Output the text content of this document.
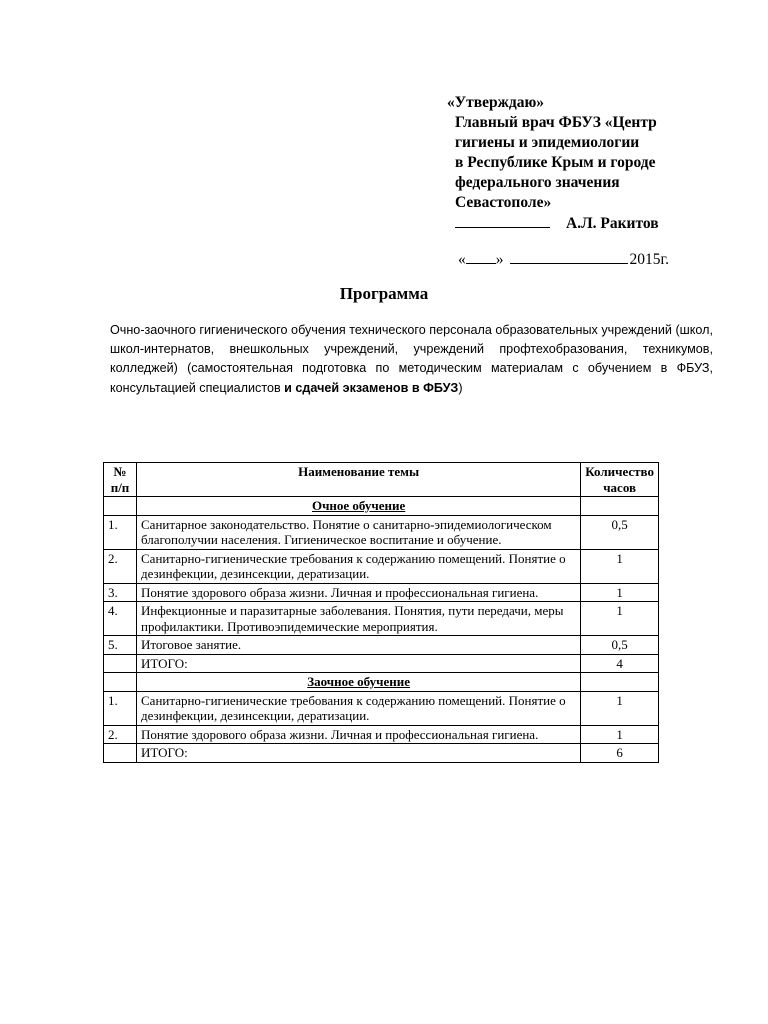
«Утверждаю»
Главный врач ФБУЗ «Центр
гигиены и эпидемиологии
в Республике Крым и городе
федерального значения
Севастополе»
А.Л. Ракитов
« »	2015г.
Программа
Очно-заочного гигиенического обучения технического персонала образовательных учреждений (школ, школ-интернатов, внешкольных учреждений, учреждений профтехобразования, техникумов, колледжей) (самостоятельная подготовка по методическим материалам с обучением в ФБУЗ, консультацией специалистов и сдачей экзаменов в ФБУЗ)
№ п/п	Наименование темы	Количество часов
	Очное обучение	
1.	Санитарное законодательство. Понятие о санитарно-эпидемиологическом благополучии населения. Гигиеническое воспитание и обучение.	0,5
2.	Санитарно-гигиенические требования к содержанию помещений. Понятие о дезинфекции, дезинсекции, дератизации.	1
3.	Понятие здорового образа жизни. Личная и профессиональная гигиена.	1
4.	Инфекционные и паразитарные заболевания. Понятия, пути передачи, меры профилактики. Противоэпидемические мероприятия.	1
5.	Итоговое занятие.	0,5
	ИТОГО:	4
	Заочное обучение	
1.	Санитарно-гигиенические требования к содержанию помещений. Понятие о дезинфекции, дезинсекции, дератизации.	1
2.	Понятие здорового образа жизни. Личная и профессиональная гигиена.	1
	ИТОГО:	6
